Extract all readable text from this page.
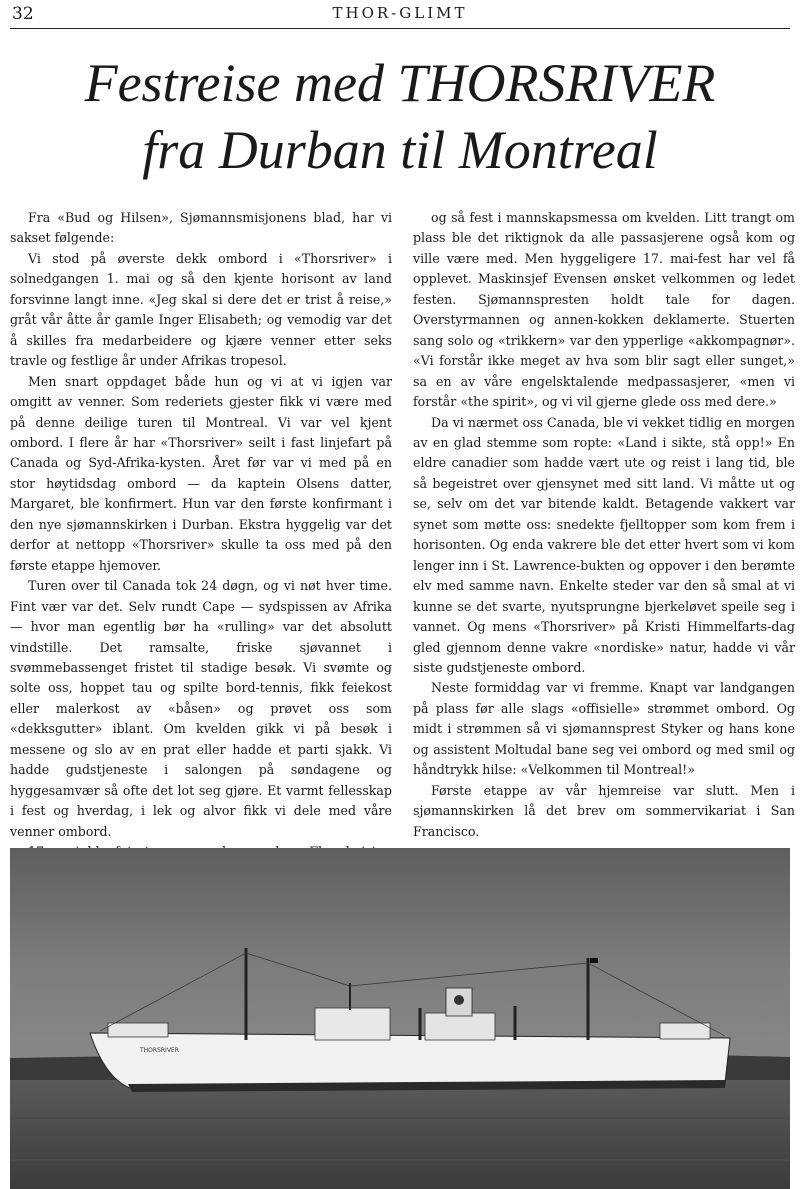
32	THOR-GLIMT
Festreise med THORSRIVER
fra Durban til Montreal

Fra «Bud og Hilsen», Sjømannsmisjonens blad, har vi sakset følgende:

Vi stod på øverste dekk ombord i «Thorsriver» i solnedgangen 1. mai og så den kjente horisont av land forsvinne langt inne. «Jeg skal si dere det er trist å reise,» gråt vår åtte år gamle Inger Elisabeth; og vemodig var det å skilles fra medarbeidere og kjære venner etter seks travle og festlige år under Afrikas tropesol.

Men snart oppdaget både hun og vi at vi igjen var omgitt av venner. Som rederiets gjester fikk vi være med på denne deilige turen til Montreal. Vi var vel kjent ombord. I flere år har «Thorsriver» seilt i fast linjefart på Canada og Syd-Afrika-kysten. Året før var vi med på en stor høytidsdag ombord — da kaptein Olsens datter, Margaret, ble konfirmert. Hun var den første konfirmant i den nye sjømannskirken i Durban. Ekstra hyggelig var det derfor at nettopp «Thorsriver» skulle ta oss med på den første etappe hjemover.

Turen over til Canada tok 24 døgn, og vi nøt hver time. Fint vær var det. Selv rundt Cape — sydspissen av Afrika — hvor man egentlig bør ha «rulling» var det absolutt vindstille. Det ramsalte, friske sjøvannet i svømmebassenget fristet til stadige besøk. Vi svømte og solte oss, hoppet tau og spilte bord-tennis, fikk feiekost eller malerkost av «båsen» og prøvet oss som «dekksgutter» iblant. Om kvelden gikk vi på besøk i messene og slo av en prat eller hadde et parti sjakk. Vi hadde gudstjeneste i salongen på søndagene og hyggesamvær så ofte det lot seg gjøre. Et varmt fellesskap i fest og hverdag, i lek og alvor fikk vi dele med våre venner ombord.

og så fest i mannskapsmessa om kvelden. Litt trangt om plass ble det riktignok da alle passasjerene også kom og ville være med. Men hyggeligere 17. mai-fest har vel få opplevet. Maskinsjef Evensen ønsket velkommen og ledet festen. Sjømannspresten holdt tale for dagen. Overstyrmannen og annen-kokken deklamerte. Stuerten sang solo og «trikkern» var den ypperlige «akkompagnør». «Vi forstår ikke meget av hva som blir sagt eller sunget,» sa en av våre engelsktalende medpassasjerer, «men vi forstår «the spirit», og vi vil gjerne glede oss med dere.»

Da vi nærmet oss Canada, ble vi vekket tidlig en morgen av en glad stemme som ropte: «Land i sikte, stå opp!» En eldre canadier som hadde vært ute og reist i lang tid, ble så begeistret over gjensynet med sitt land. Vi måtte ut og se, selv om det var bitende kaldt. Betagende vakkert var synet som møtte oss: snedekte fjelltopper som kom frem i horisonten. Og enda vakrere ble det etter hvert som vi kom lenger inn i St. Lawrence-bukten og oppover i den berømte elv med samme navn. Enkelte steder var den så smal at vi kunne se det svarte, nyutsprungne bjerkeløvet speile seg i vannet. Og mens «Thorsriver» på Kristi Himmelfarts-dag gled gjennom denne vakre «nordiske» natur, hadde vi vår siste gudstjeneste ombord.

Neste formiddag var vi fremme. Knapt var landgangen på plass før alle slags «offisielle» strømmet ombord. Og midt i strømmen så vi sjømannsprest Styker og hans kone og assistent Moltudal bane seg vei ombord og med smil og håndtrykk hilse: «Velkommen til Montreal!»

Første etappe av vår hjemreise var slutt. Men i sjømannskirken lå det brev om sommervikariat i San Francisco.

THORSRIVER
